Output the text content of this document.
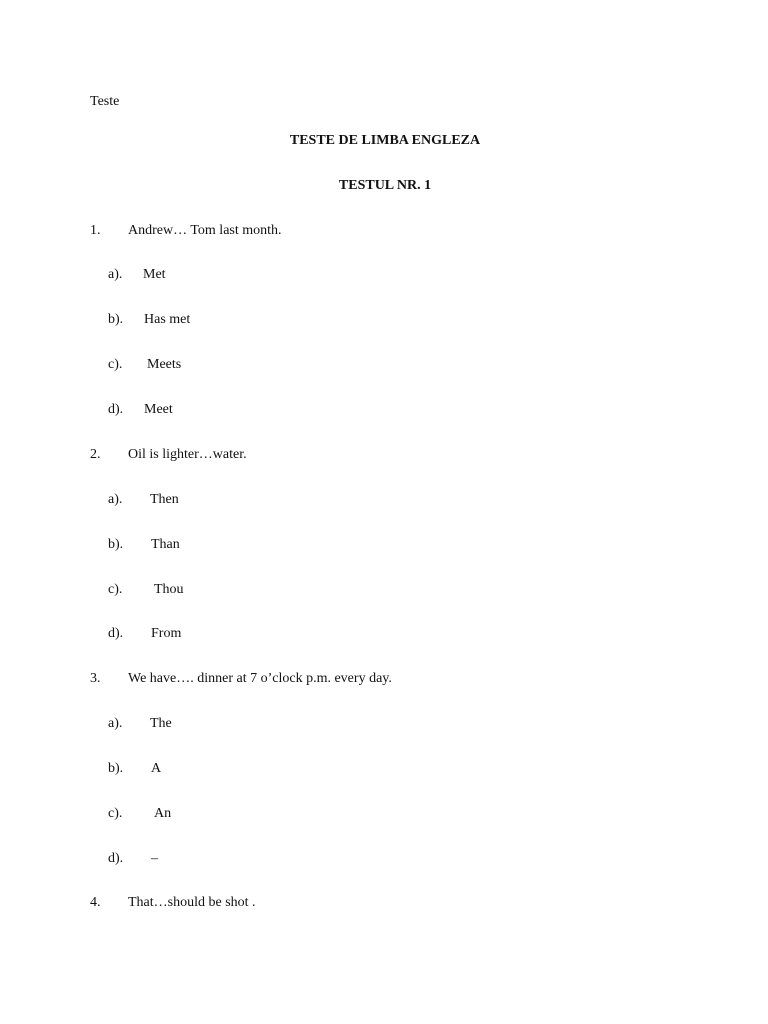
Teste
TESTE DE LIMBA ENGLEZA
TESTUL NR. 1
1. Andrew… Tom last month.
a). Met
b). Has met
c). Meets
d). Meet
2. Oil is lighter…water.
a). Then
b). Than
c). Thou
d). From
3. We have…. dinner at 7 o’clock p.m. every day.
a). The
b). A
c). An
d). –
4. That…should be shot .
